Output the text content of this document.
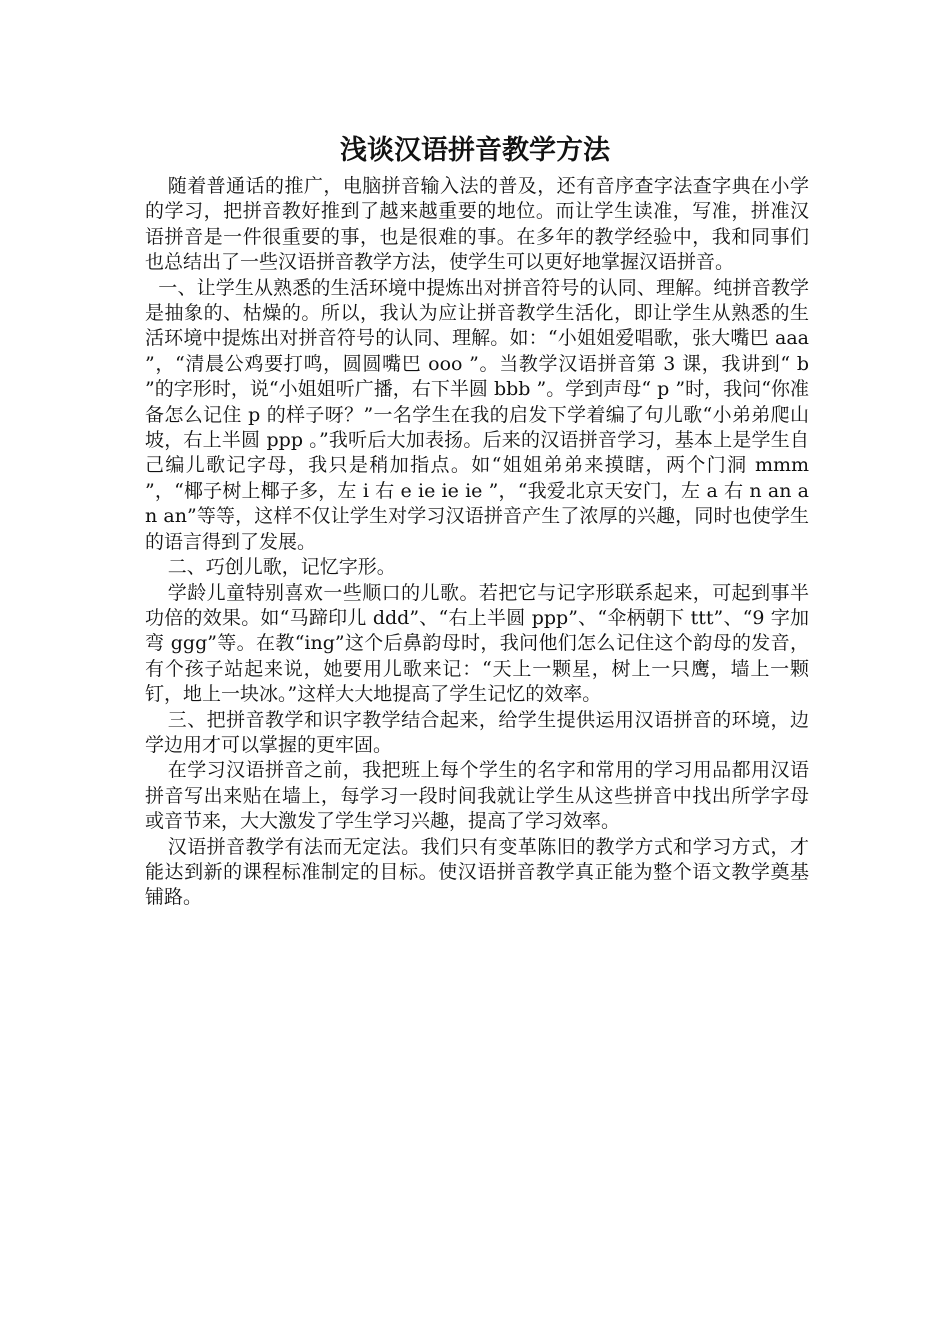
浅谈汉语拼音教学方法

随着普通话的推广，电脑拼音输入法的普及，还有音序查字法查字典在小学的学习，把拼音教好推到了越来越重要的地位。而让学生读准，写准，拼准汉语拼音是一件很重要的事，也是很难的事。在多年的教学经验中，我和同事们也总结出了一些汉语拼音教学方法，使学生可以更好地掌握汉语拼音。

一、让学生从熟悉的生活环境中提炼出对拼音符号的认同、理解。纯拼音教学是抽象的、枯燥的。所以，我认为应让拼音教学生活化，即让学生从熟悉的生活环境中提炼出对拼音符号的认同、理解。如：“小姐姐爱唱歌，张大嘴巴 aaa ”，“清晨公鸡要打鸣，圆圆嘴巴 ooo ”。当教学汉语拼音第 3 课，我讲到“ b ”的字形时，说“小姐姐听广播，右下半圆 bbb ”。学到声母“ p ”时，我问“你准备怎么记住 p 的样子呀？”一名学生在我的启发下学着编了句儿歌“小弟弟爬山坡，右上半圆 ppp 。”我听后大加表扬。后来的汉语拼音学习，基本上是学生自己编儿歌记字母，我只是稍加指点。如“姐姐弟弟来摸瞎，两个门洞 mmm ”，“椰子树上椰子多，左 i 右 e ie ie ie ”，“我爱北京天安门，左 a 右 n an an an”等等，这样不仅让学生对学习汉语拼音产生了浓厚的兴趣，同时也使学生的语言得到了发展。

二、巧创儿歌，记忆字形。

学龄儿童特别喜欢一些顺口的儿歌。若把它与记字形联系起来，可起到事半功倍的效果。如“马蹄印儿 ddd”、“右上半圆 ppp”、“伞柄朝下 ttt”、“9 字加弯 ggg”等。在教“ing”这个后鼻韵母时，我问他们怎么记住这个韵母的发音，有个孩子站起来说，她要用儿歌来记：“天上一颗星，树上一只鹰，墙上一颗钉，地上一块冰。”这样大大地提高了学生记忆的效率。

三、把拼音教学和识字教学结合起来，给学生提供运用汉语拼音的环境，边学边用才可以掌握的更牢固。

在学习汉语拼音之前，我把班上每个学生的名字和常用的学习用品都用汉语拼音写出来贴在墙上，每学习一段时间我就让学生从这些拼音中找出所学字母或音节来，大大激发了学生学习兴趣，提高了学习效率。

汉语拼音教学有法而无定法。我们只有变革陈旧的教学方式和学习方式，才能达到新的课程标准制定的目标。使汉语拼音教学真正能为整个语文教学奠基铺路。
